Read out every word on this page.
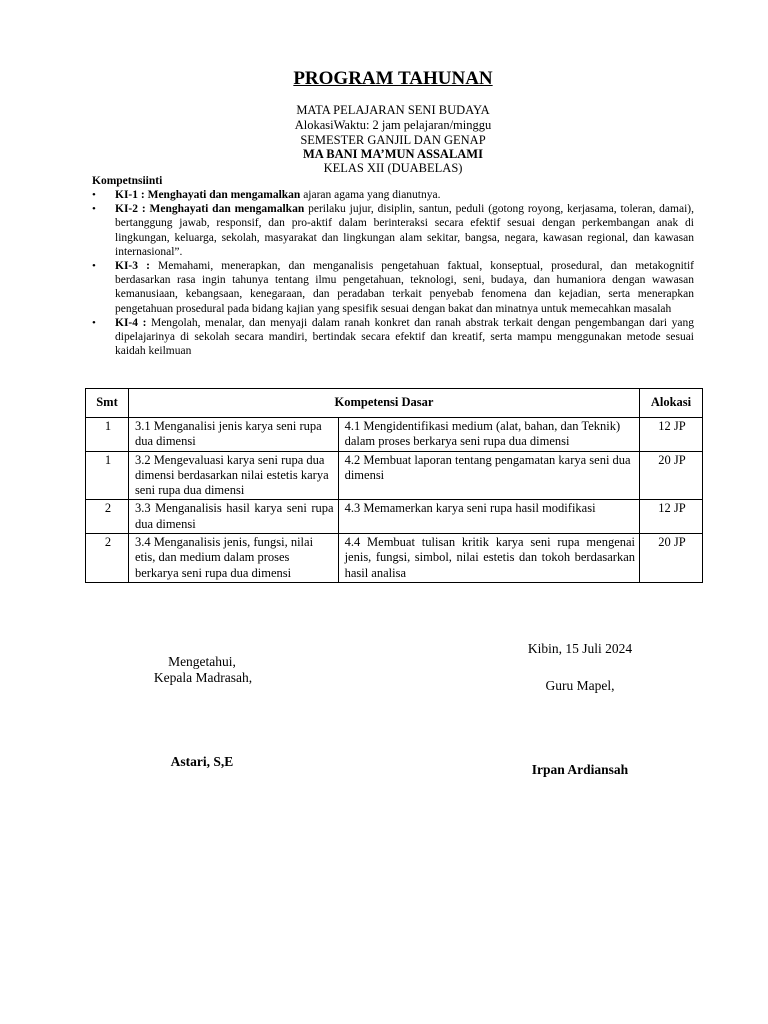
PROGRAM TAHUNAN
MATA PELAJARAN SENI BUDAYA
AlokasiWaktu: 2 jam pelajaran/minggu
SEMESTER GANJIL DAN GENAP
MA BANI MA’MUN ASSALAMI
KELAS XII (DUABELAS)
Kompetnsiinti
• KI-1 : Menghayati dan mengamalkan ajaran agama yang dianutnya.
• KI-2 : Menghayati dan mengamalkan perilaku jujur, disiplin, santun, peduli (gotong royong, kerjasama, toleran, damai), bertanggung jawab, responsif, dan pro-aktif dalam berinteraksi secara efektif sesuai dengan perkembangan anak di lingkungan, keluarga, sekolah, masyarakat dan lingkungan alam sekitar, bangsa, negara, kawasan regional, dan kawasan internasional”.
• KI-3 : Memahami, menerapkan, dan menganalisis pengetahuan faktual, konseptual, prosedural, dan metakognitif berdasarkan rasa ingin tahunya tentang ilmu pengetahuan, teknologi, seni, budaya, dan humaniora dengan wawasan kemanusiaan, kebangsaan, kenegaraan, dan peradaban terkait penyebab fenomena dan kejadian, serta menerapkan pengetahuan prosedural pada bidang kajian yang spesifik sesuai dengan bakat dan minatnya untuk memecahkan masalah
• KI-4 : Mengolah, menalar, dan menyaji dalam ranah konkret dan ranah abstrak terkait dengan pengembangan dari yang dipelajarinya di sekolah secara mandiri, bertindak secara efektif dan kreatif, serta mampu menggunakan metode sesuai kaidah keilmuan
Smt	Kompetensi Dasar		Alokasi
1	3.1 Menganalisi jenis karya seni rupa dua dimensi	4.1 Mengidentifikasi medium (alat, bahan, dan Teknik) dalam proses berkarya seni rupa dua dimensi	12 JP
1	3.2 Mengevaluasi karya seni rupa dua dimensi berdasarkan nilai estetis karya seni rupa dua dimensi	4.2 Membuat laporan tentang pengamatan karya seni dua dimensi	20 JP
2	3.3 Menganalisis hasil karya seni rupa dua dimensi	4.3 Memamerkan karya seni rupa hasil modifikasi	12 JP
2	3.4 Menganalisis jenis, fungsi, nilai etis, dan medium dalam proses berkarya seni rupa dua dimensi	4.4 Membuat tulisan kritik karya seni rupa mengenai jenis, fungsi, simbol, nilai estetis dan tokoh berdasarkan hasil analisa	20 JP
Mengetahui,
Kepala Madrasah,
Astari, S,E
Kibin, 15 Juli 2024
Guru Mapel,
Irpan Ardiansah
